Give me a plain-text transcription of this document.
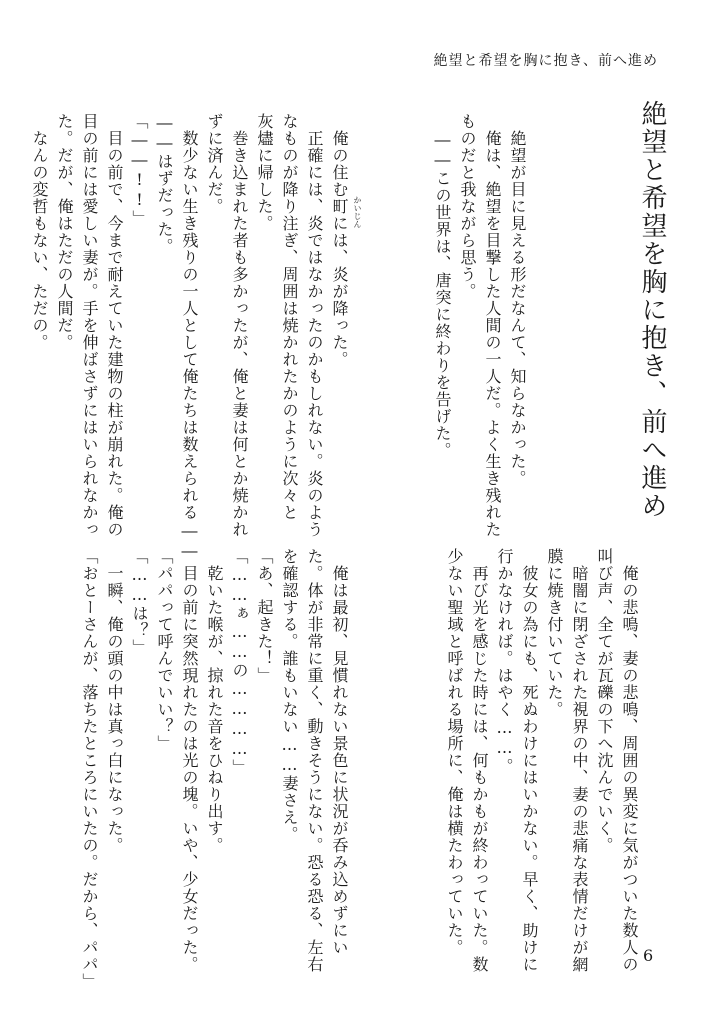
絶望と希望を胸に抱き、前へ進め
絶望と希望を胸に抱き、前へ進め
　絶望が目に見える形だなんて、知らなかった。
　俺は、絶望を目撃した人間の一人だ。よく生き残れた
ものだと我ながら思う。
　――この世界は、唐突に終わりを告げた。
　俺の住む町には、炎が降った。
　正確には、炎ではなかったのかもしれない。炎のよう
なものが降り注ぎ、周囲は焼かれたかのように次々と
灰燼に帰した。
　巻き込まれた者も多かったが、俺と妻は何とか焼かれ
ずに済んだ。
　数少ない生き残りの一人として俺たちは数えられる――
――はずだった。
「――!!」
　目の前で、今まで耐えていた建物の柱が崩れた。俺の
目の前には愛しい妻が。手を伸ばさずにはいられなかっ
た。だが、俺はただの人間だ。
　なんの変哲もない、ただの。
　俺の悲鳴、妻の悲鳴、周囲の異変に気がついた数人の
叫び声、全てが瓦礫の下へ沈んでいく。
　暗闇に閉ざされた視界の中、妻の悲痛な表情だけが網
膜に焼き付いていた。
　彼女の為にも、死ぬわけにはいかない。早く、助けに
行かなければ。はやく……。
　再び光を感じた時には、何もかもが終わっていた。数
少ない聖域と呼ばれる場所に、俺は横たわっていた。
　俺は最初、見慣れない景色に状況が呑み込めずにい
た。体が非常に重く、動きそうにない。恐る恐る、左右
を確認する。誰もいない……妻さえ。
「あ、起きた！」
「……ぁ……の…………」
　乾いた喉が、掠れた音をひねり出す。
　目の前に突然現れたのは光の塊。いや、少女だった。
「パパって呼んでいい？」
「……は？」
　一瞬、俺の頭の中は真っ白になった。
「おとーさんが、落ちたところにいたの。だから、パパ」
かいじん
6
